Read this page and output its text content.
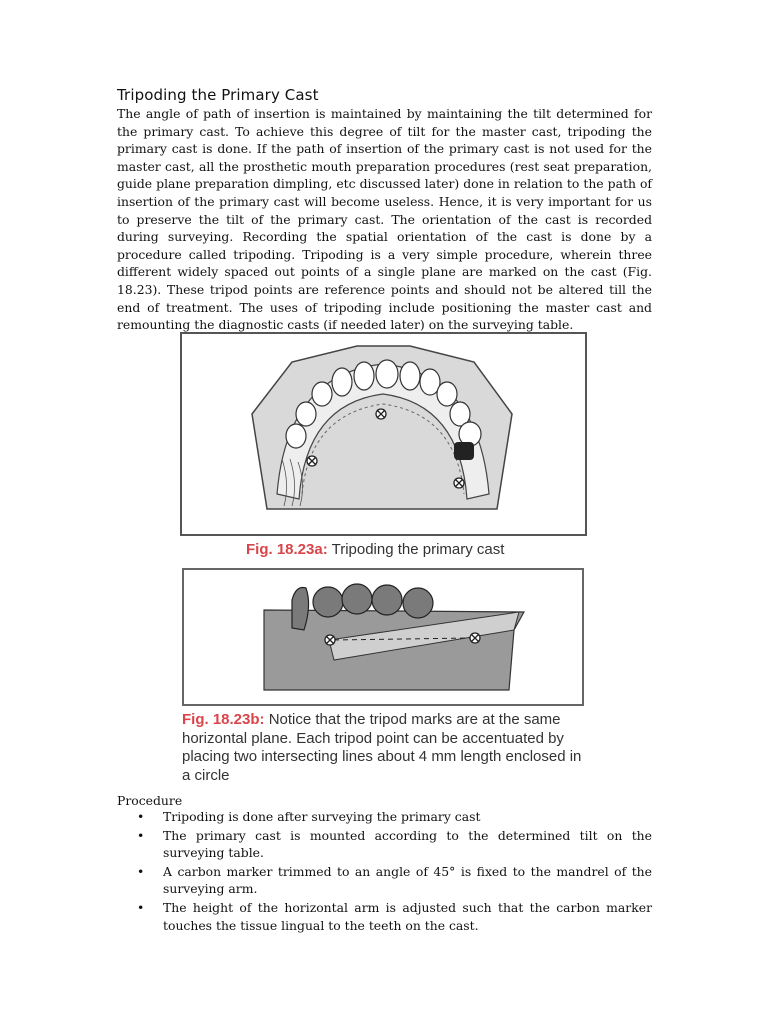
Tripoding the Primary Cast

The angle of path of insertion is maintained by maintaining the tilt determined for the primary cast. To achieve this degree of tilt for the master cast, tripoding the primary cast is done. If the path of insertion of the primary cast is not used for the master cast, all the prosthetic mouth preparation procedures (rest seat preparation, guide plane preparation dimpling, etc discussed later) done in relation to the path of insertion of the primary cast will become useless. Hence, it is very important for us to preserve the tilt of the primary cast. The orientation of the cast is recorded during surveying. Recording the spatial orientation of the cast is done by a procedure called tripoding. Tripoding is a very simple procedure, wherein three different widely spaced out points of a single plane are marked on the cast (Fig. 18.23). These tripod points are reference points and should not be altered till the end of treatment. The uses of tripoding include positioning the master cast and remounting the diagnostic casts (if needed later) on the surveying table.

Fig. 18.23a: Tripoding the primary cast
Fig. 18.23b: Notice that the tripod marks are at the same horizontal plane. Each tripod point can be accentuated by placing two intersecting lines about 4 mm length enclosed in a circle
Procedure
• Tripoding is done after surveying the primary cast
• The primary cast is mounted according to the determined tilt on the surveying table.
• A carbon marker trimmed to an angle of 45° is fixed to the mandrel of the surveying arm.
• The height of the horizontal arm is adjusted such that the carbon marker touches the tissue lingual to the teeth on the cast.
